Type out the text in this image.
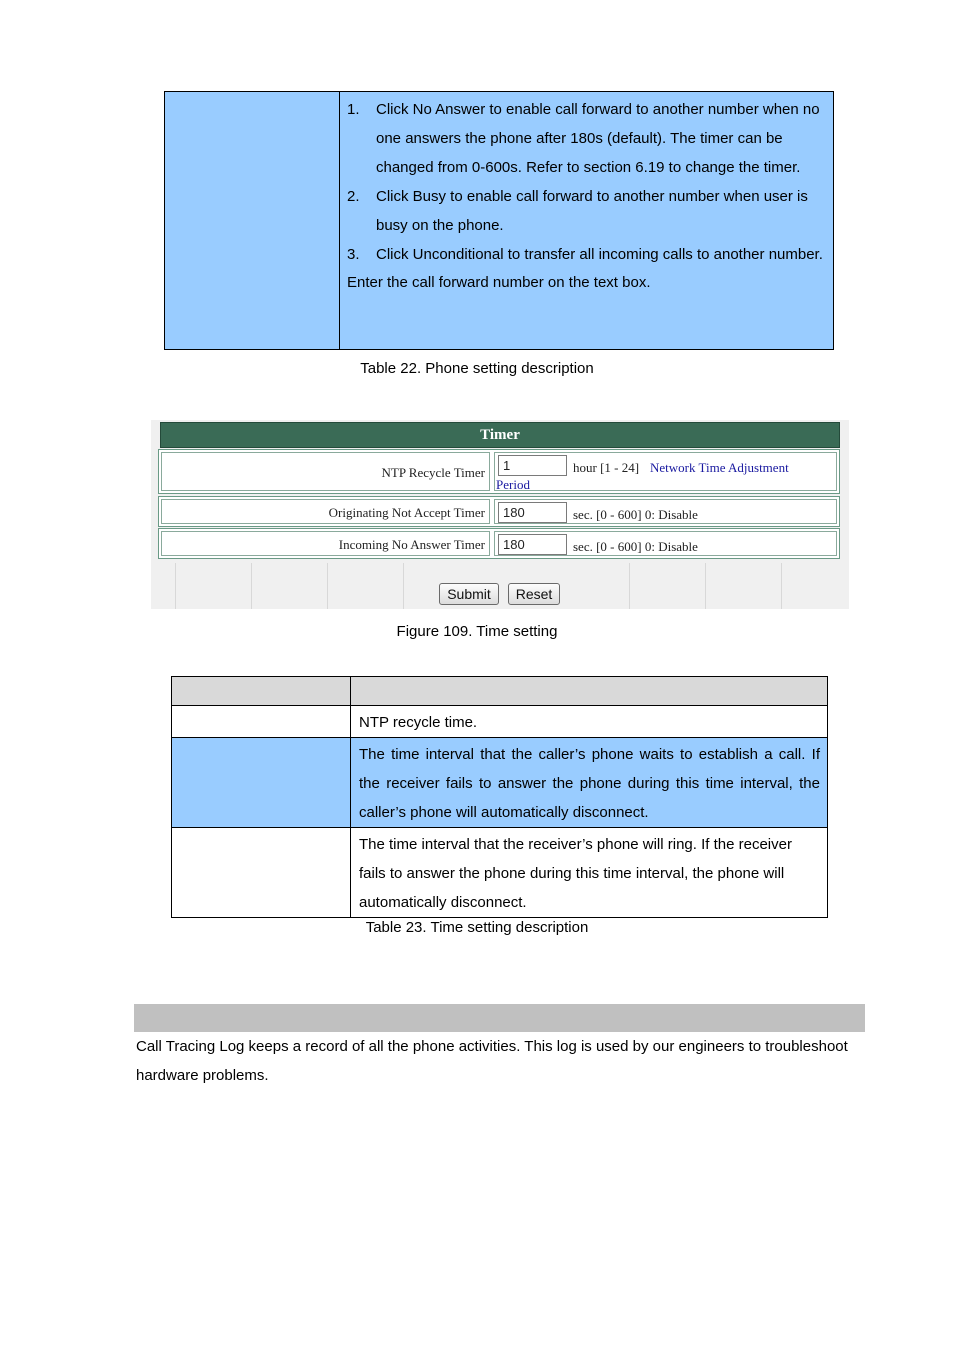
1.	Click No Answer to enable call forward to another number when no one answers the phone after 180s (default). The timer can be changed from 0-600s. Refer to section 6.19 to change the timer.
2.	Click Busy to enable call forward to another number when user is busy on the phone.
3.	Click Unconditional to transfer all incoming calls to another number.
Enter the call forward number on the text box.
Table 22. Phone setting description
Timer
NTP Recycle Timer	1	hour [1 - 24] Network Time Adjustment
Period
Originating Not Accept Timer	180	sec. [0 - 600] 0: Disable
Incoming No Answer Timer	180	sec. [0 - 600] 0: Disable
Submit	Reset
Figure 109. Time setting

	NTP recycle time.

	The time interval that the caller’s phone waits to establish a call. If the receiver fails to answer the phone during this time interval, the caller’s phone will automatically disconnect.

	The time interval that the receiver’s phone will ring. If the receiver fails to answer the phone during this time interval, the phone will automatically disconnect.
Table 23. Time setting description
Call Tracing Log keeps a record of all the phone activities. This log is used by our engineers to troubleshoot hardware problems.
